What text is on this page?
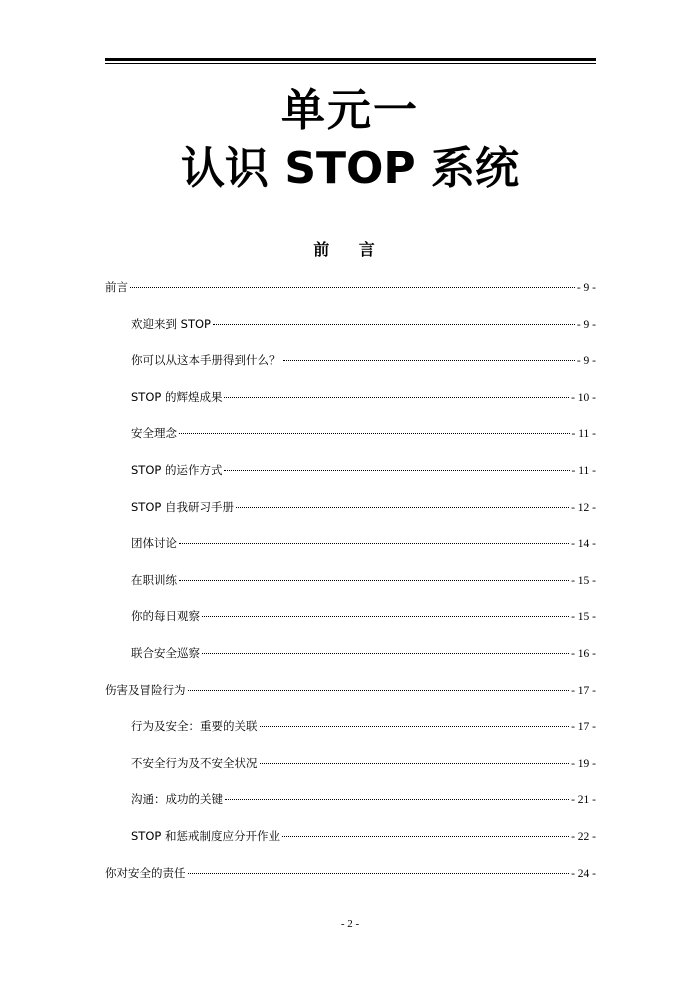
单元一
认识 STOP 系统
前 言
前言	- 9 -
欢迎来到 STOP	- 9 -
你可以从这本手册得到什么？	- 9 -
STOP 的辉煌成果	- 10 -
安全理念	- 11 -
STOP 的运作方式	- 11 -
STOP 自我研习手册	- 12 -
团体讨论	- 14 -
在职训练	- 15 -
你的每日观察	- 15 -
联合安全巡察	- 16 -
伤害及冒险行为	- 17 -
行为及安全：重要的关联	- 17 -
不安全行为及不安全状况	- 19 -
沟通：成功的关键	- 21 -
STOP 和惩戒制度应分开作业	- 22 -
你对安全的责任	- 24 -
- 2 -
